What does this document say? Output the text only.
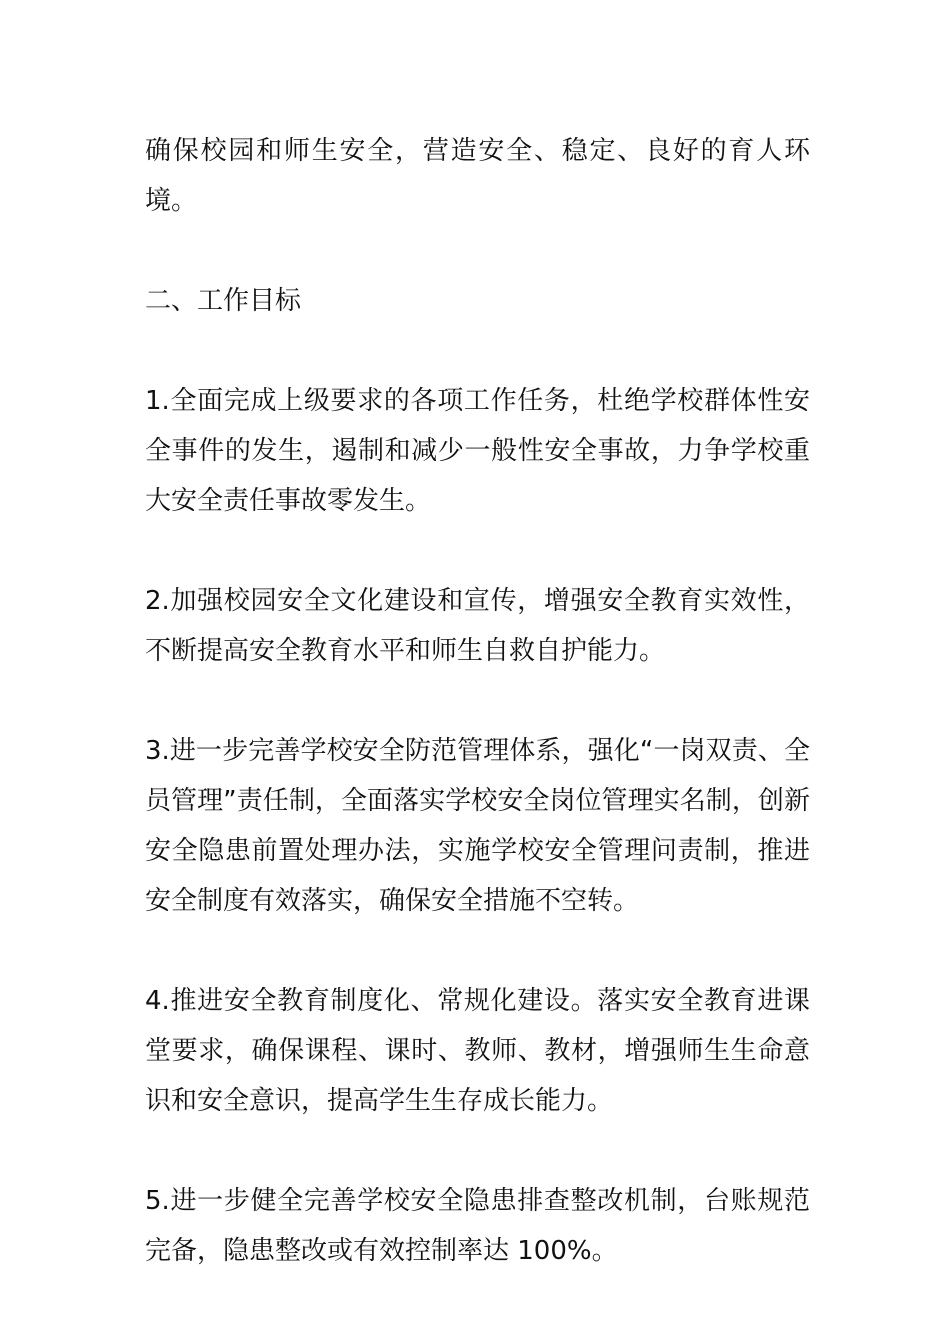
确保校园和师生安全，营造安全、稳定、良好的育人环境。

二、工作目标

1.全面完成上级要求的各项工作任务，杜绝学校群体性安全事件的发生，遏制和减少一般性安全事故，力争学校重大安全责任事故零发生。

2.加强校园安全文化建设和宣传，增强安全教育实效性，不断提高安全教育水平和师生自救自护能力。

3.进一步完善学校安全防范管理体系，强化“一岗双责、全员管理”责任制，全面落实学校安全岗位管理实名制，创新安全隐患前置处理办法，实施学校安全管理问责制，推进安全制度有效落实，确保安全措施不空转。

4.推进安全教育制度化、常规化建设。落实安全教育进课堂要求，确保课程、课时、教师、教材，增强师生生命意识和安全意识，提高学生生存成长能力。

5.进一步健全完善学校安全隐患排查整改机制，台账规范完备，隐患整改或有效控制率达 100%。
